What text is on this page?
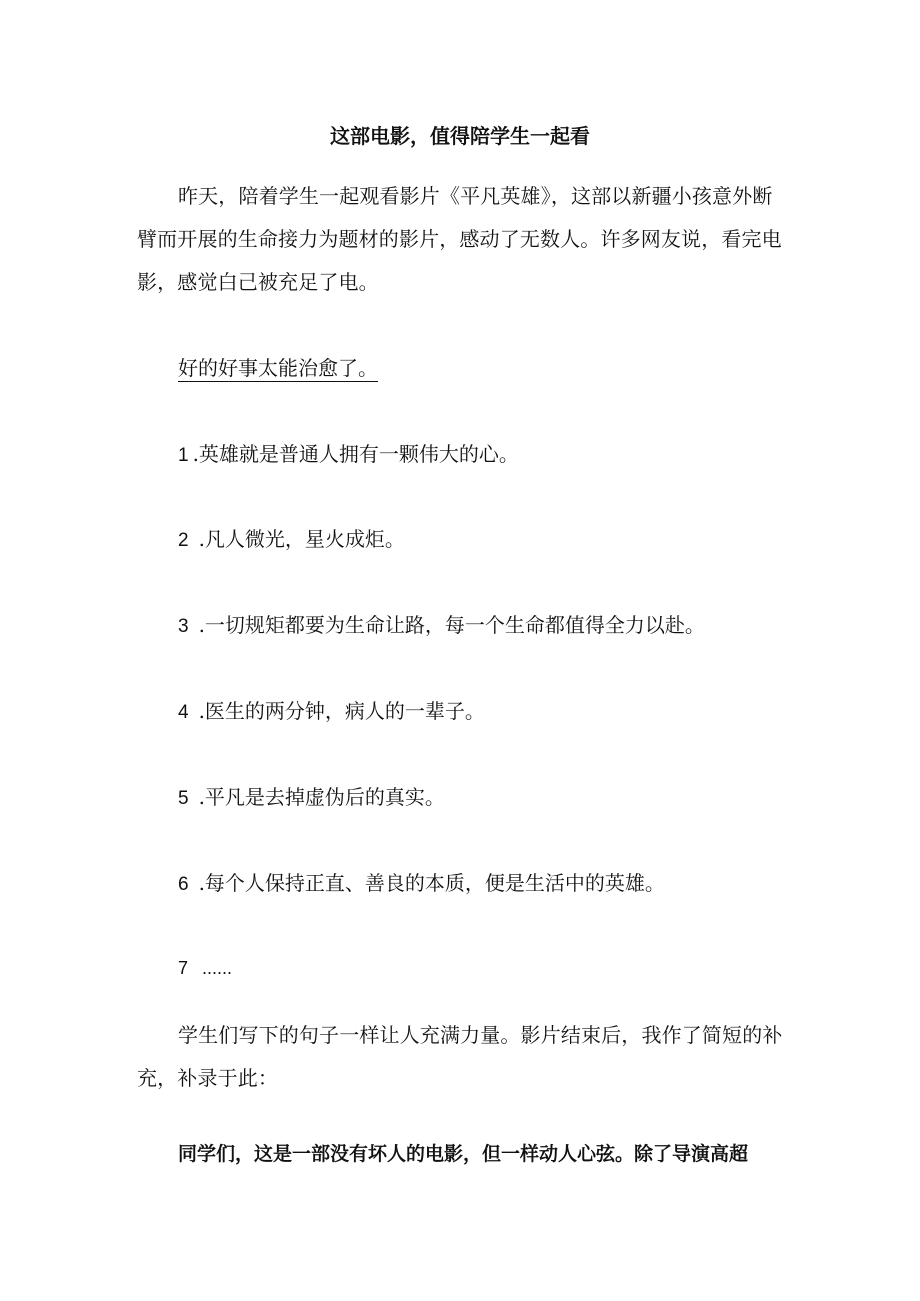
这部电影，值得陪学生一起看
昨天，陪着学生一起观看影片《平凡英雄》，这部以新疆小孩意外断臂而开展的生命接力为题材的影片，感动了无数人。许多网友说，看完电影，感觉白己被充足了电。
好的好事太能治愈了。
1 .英雄就是普通人拥有一颗伟大的心。
2 .凡人微光，星火成炬。
3 .一切规矩都要为生命让路，每一个生命都值得全力以赴。
4 .医生的两分钟，病人的一辈子。
5 .平凡是去掉虚伪后的真实。
6 .每个人保持正直、善良的本质，便是生活中的英雄。
7 ......
学生们写下的句子一样让人充满力量。影片结束后，我作了简短的补充，补录于此：
同学们，这是一部没有坏人的电影，但一样动人心弦。除了导演高超
